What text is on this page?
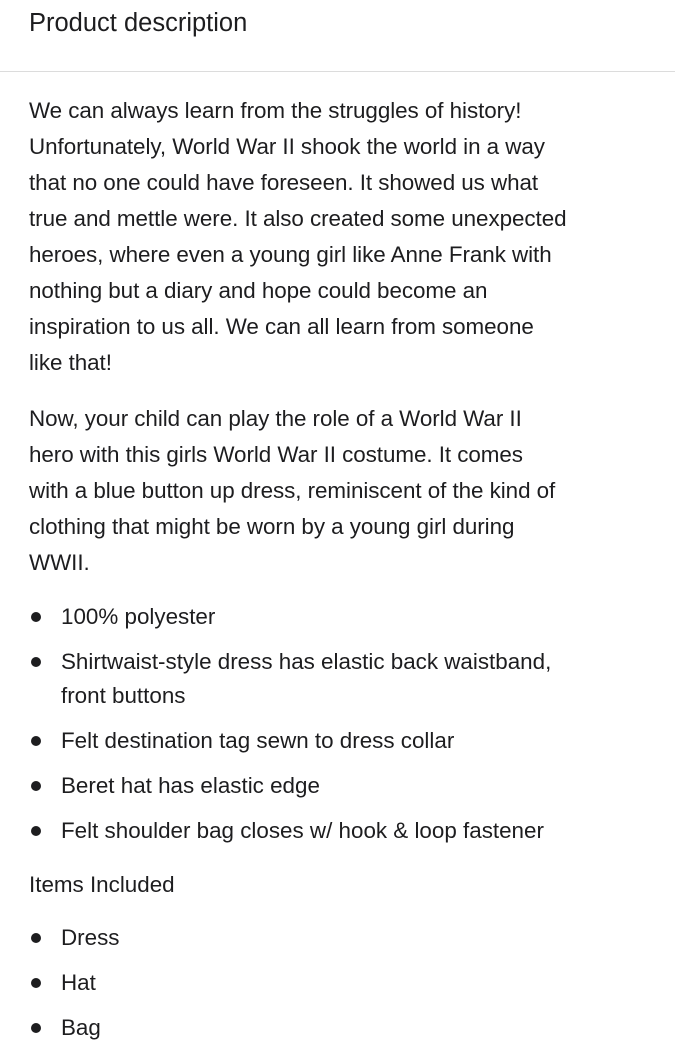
Product description

We can always learn from the struggles of history!
Unfortunately, World War II shook the world in a way
that no one could have foreseen. It showed us what
true and mettle were. It also created some unexpected
heroes, where even a young girl like Anne Frank with
nothing but a diary and hope could become an
inspiration to us all. We can all learn from someone
like that!

Now, your child can play the role of a World War II
hero with this girls World War II costume. It comes
with a blue button up dress, reminiscent of the kind of
clothing that might be worn by a young girl during
WWII.

100% polyester
Shirtwaist-style dress has elastic back waistband,
front buttons
Felt destination tag sewn to dress collar
Beret hat has elastic edge
Felt shoulder bag closes w/ hook & loop fastener

Items Included

Dress
Hat
Bag
